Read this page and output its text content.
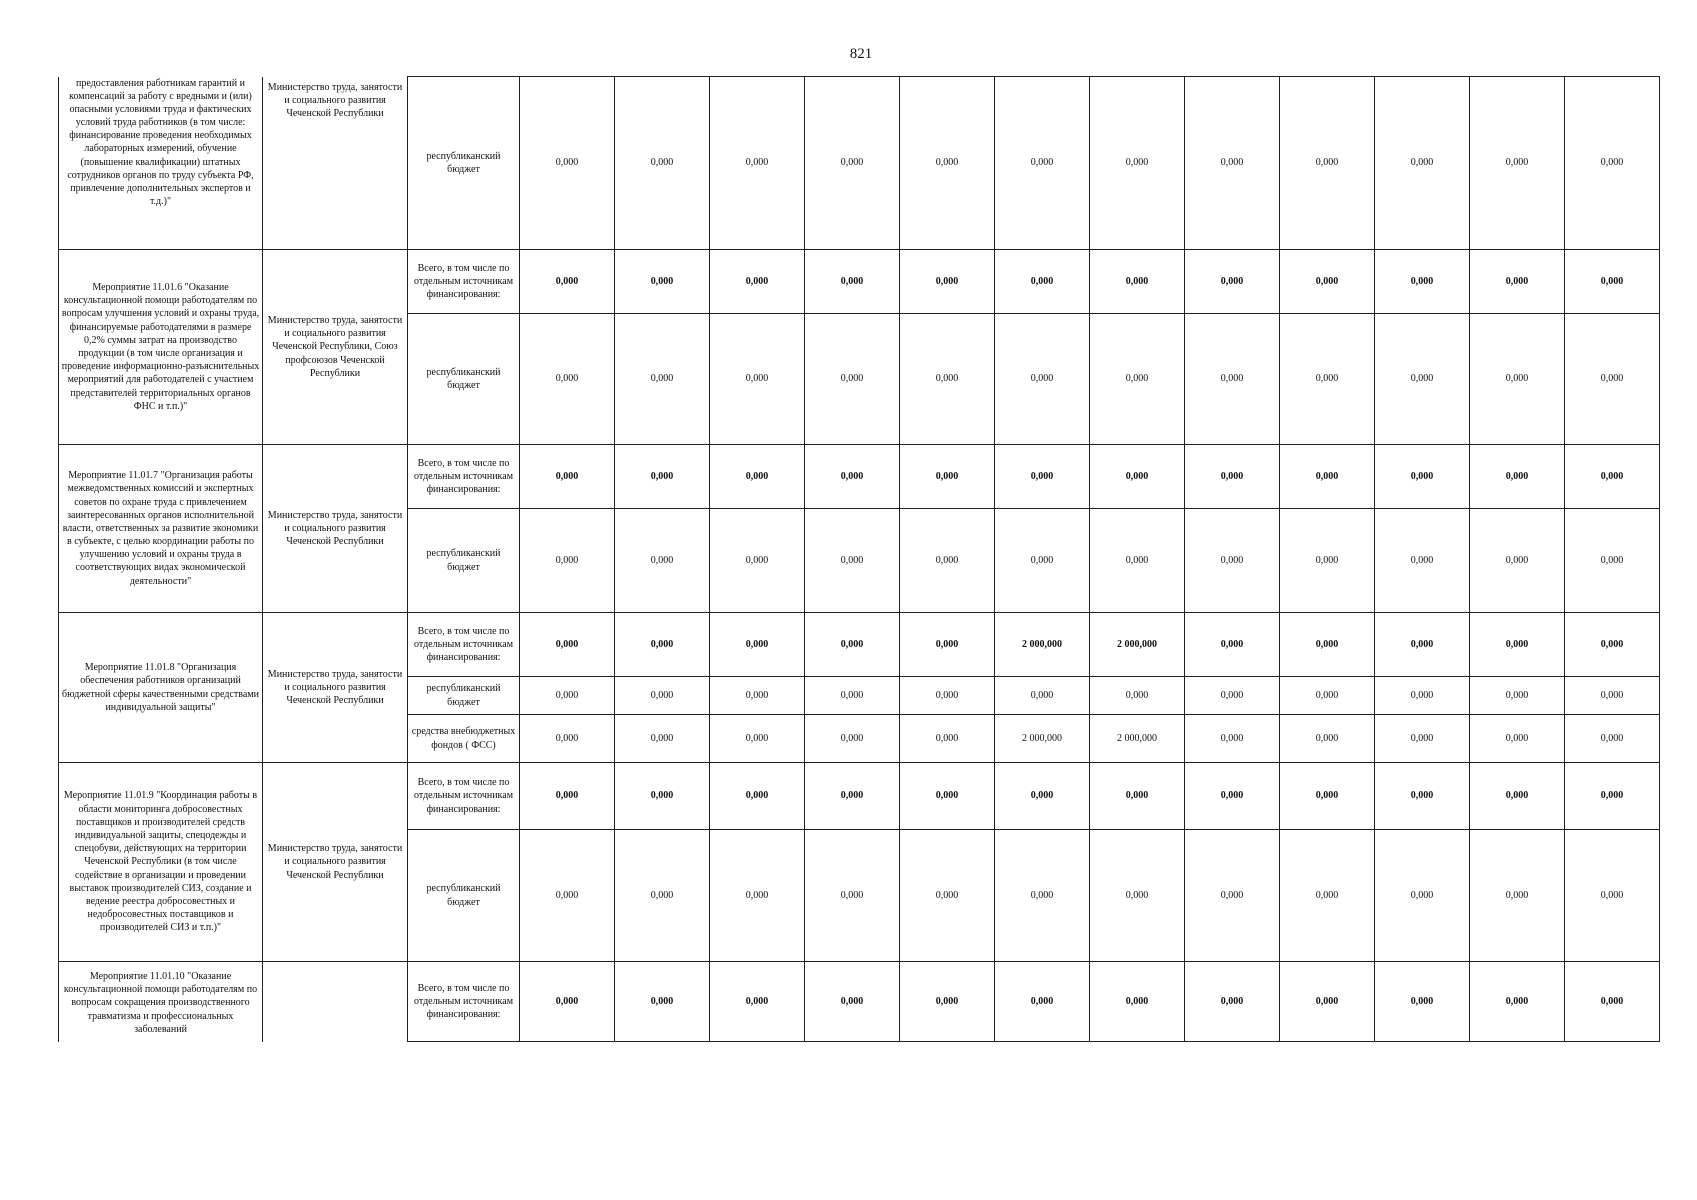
821
предоставления работникам гарантий и компенсаций за работу с вредными и (или) опасными условиями труда и фактических условий труда работников (в том числе: финансирование проведения необходимых лабораторных измерений, обучение (повышение квалификации) штатных сотрудников органов по труду субъекта РФ, привлечение дополнительных экспертов и т.д.)"	Министерство труда, занятости и социального развития Чеченской Республики	республиканский бюджет	0,000	0,000	0,000	0,000	0,000	0,000	0,000	0,000	0,000	0,000	0,000	0,000
Мероприятие 11.01.6 "Оказание консультационной помощи работодателям по вопросам улучшения условий и охраны труда, финансируемые работодателями в размере 0,2% суммы затрат на производство продукции (в том числе организация и проведение информационно-разъяснительных мероприятий для работодателей с участием представителей территориальных органов ФНС и т.п.)"	Министерство труда, занятости и социального развития Чеченской Республики, Союз профсоюзов Чеченской Республики	Всего, в том числе по отдельным источникам финансирования:	0,000	0,000	0,000	0,000	0,000	0,000	0,000	0,000	0,000	0,000	0,000	0,000
		республиканский бюджет	0,000	0,000	0,000	0,000	0,000	0,000	0,000	0,000	0,000	0,000	0,000	0,000
Мероприятие 11.01.7 "Организация работы межведомственных комиссий и экспертных советов по охране труда с привлечением заинтересованных органов исполнительной власти, ответственных за развитие экономики в субъекте, с целью координации работы по улучшению условий и охраны труда в соответствующих видах экономической деятельности"	Министерство труда, занятости и социального развития Чеченской Республики	Всего, в том числе по отдельным источникам финансирования:	0,000	0,000	0,000	0,000	0,000	0,000	0,000	0,000	0,000	0,000	0,000	0,000
		республиканский бюджет	0,000	0,000	0,000	0,000	0,000	0,000	0,000	0,000	0,000	0,000	0,000	0,000
Мероприятие 11.01.8 "Организация обеспечения работников организаций бюджетной сферы качественными средствами индивидуальной защиты"	Министерство труда, занятости и социального развития Чеченской Республики	Всего, в том числе по отдельным источникам финансирования:	0,000	0,000	0,000	0,000	0,000	2 000,000	2 000,000	0,000	0,000	0,000	0,000	0,000
		республиканский бюджет	0,000	0,000	0,000	0,000	0,000	0,000	0,000	0,000	0,000	0,000	0,000	0,000
		средства внебюджетных фондов ( ФСС)	0,000	0,000	0,000	0,000	0,000	2 000,000	2 000,000	0,000	0,000	0,000	0,000	0,000
Мероприятие 11.01.9 "Координация работы в области мониторинга добросовестных поставщиков и производителей средств индивидуальной защиты, спецодежды и спецобуви, действующих на территории Чеченской Республики (в том числе содействие в организации и проведении выставок производителей СИЗ, создание и ведение реестра добросовестных и недобросовестных поставщиков и производителей СИЗ и т.п.)"	Министерство труда, занятости и социального развития Чеченской Республики	Всего, в том числе по отдельным источникам финансирования:	0,000	0,000	0,000	0,000	0,000	0,000	0,000	0,000	0,000	0,000	0,000	0,000
		республиканский бюджет	0,000	0,000	0,000	0,000	0,000	0,000	0,000	0,000	0,000	0,000	0,000	0,000
Мероприятие 11.01.10 "Оказание консультационной помощи работодателям по вопросам сокращения производственного травматизма и профессиональных заболеваний		Всего, в том числе по отдельным источникам финансирования:	0,000	0,000	0,000	0,000	0,000	0,000	0,000	0,000	0,000	0,000	0,000	0,000
